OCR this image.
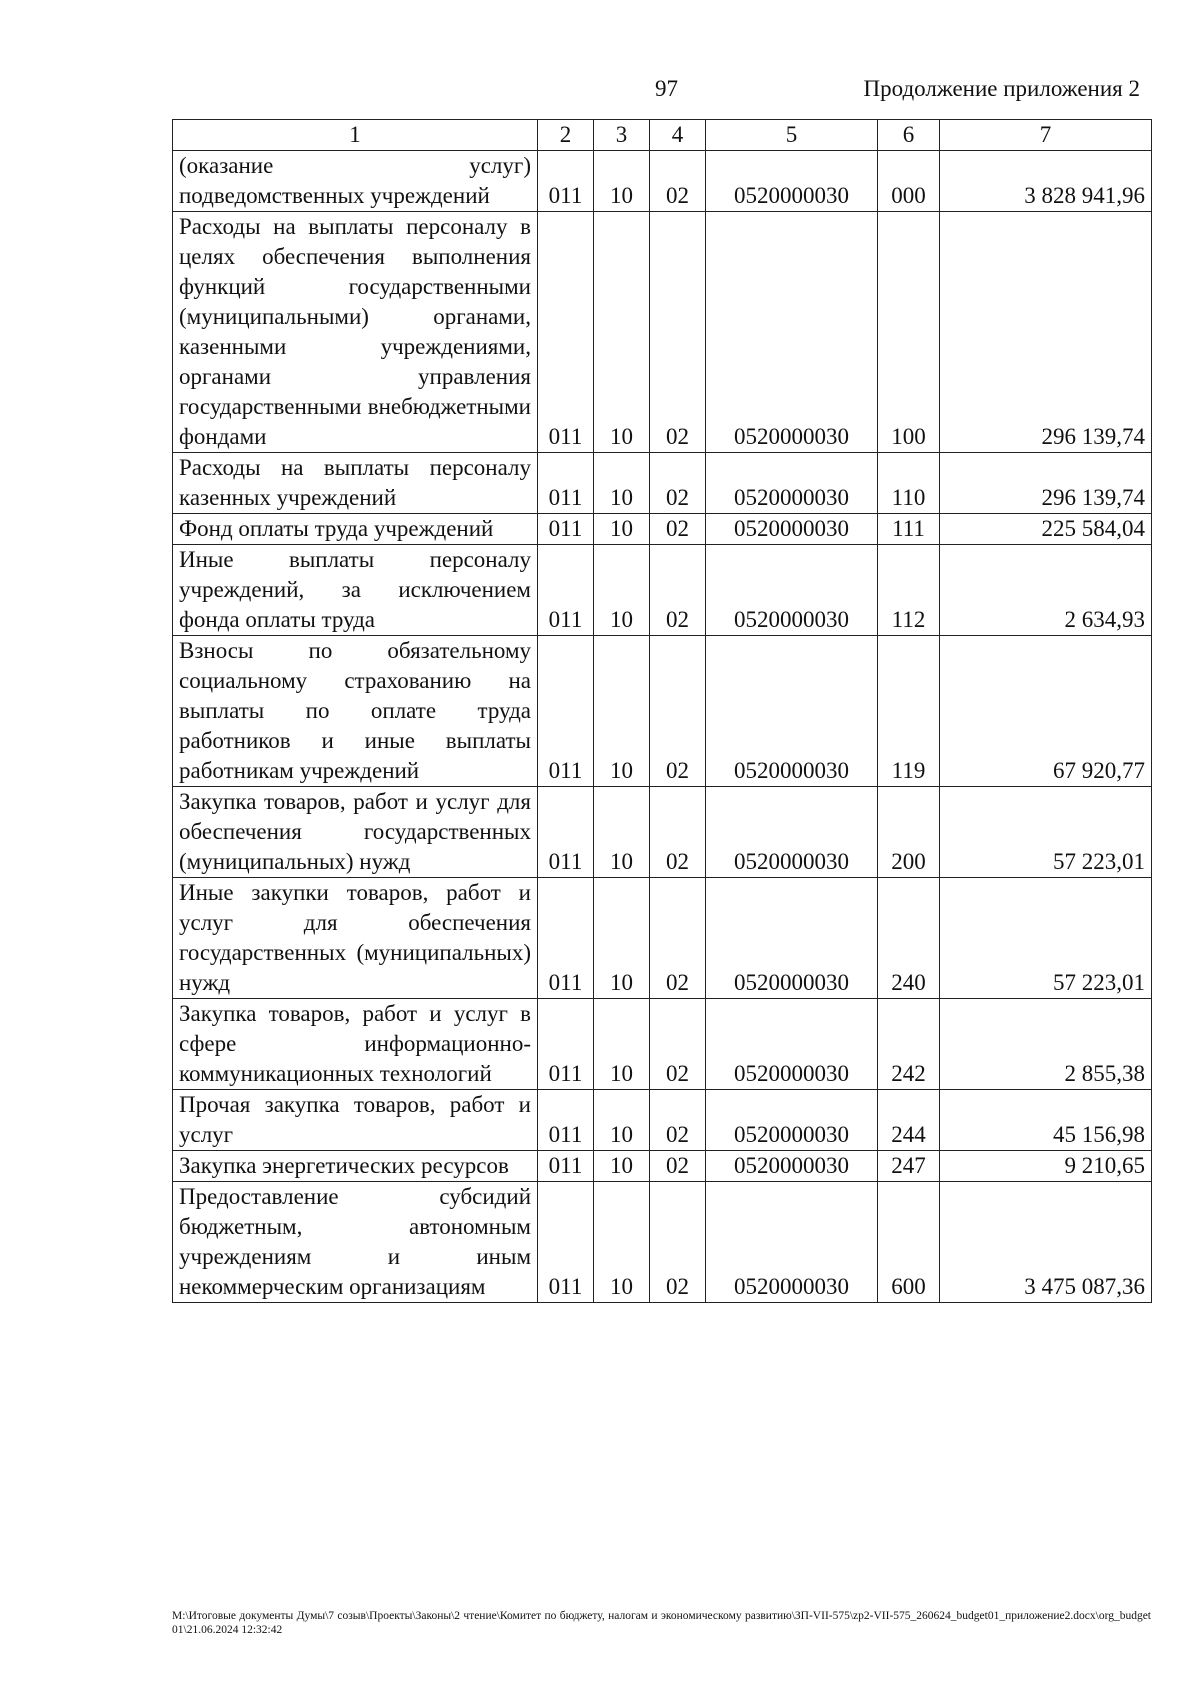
97	Продолжение приложения 2
1	2	3	4	5	6	7
(оказание услуг) подведомственных учреждений	011	10	02	0520000030	000	3 828 941,96
Расходы на выплаты персоналу в целях обеспечения выполнения функций государственными (муниципальными) органами, казенными учреждениями, органами управления государственными внебюджетными фондами	011	10	02	0520000030	100	296 139,74
Расходы на выплаты персоналу казенных учреждений	011	10	02	0520000030	110	296 139,74
Фонд оплаты труда учреждений	011	10	02	0520000030	111	225 584,04
Иные выплаты персоналу учреждений, за исключением фонда оплаты труда	011	10	02	0520000030	112	2 634,93
Взносы по обязательному социальному страхованию на выплаты по оплате труда работников и иные выплаты работникам учреждений	011	10	02	0520000030	119	67 920,77
Закупка товаров, работ и услуг для обеспечения государственных (муниципальных) нужд	011	10	02	0520000030	200	57 223,01
Иные закупки товаров, работ и услуг для обеспечения государственных (муниципальных) нужд	011	10	02	0520000030	240	57 223,01
Закупка товаров, работ и услуг в сфере информационно-коммуникационных технологий	011	10	02	0520000030	242	2 855,38
Прочая закупка товаров, работ и услуг	011	10	02	0520000030	244	45 156,98
Закупка энергетических ресурсов	011	10	02	0520000030	247	9 210,65
Предоставление субсидий бюджетным, автономным учреждениям и иным некоммерческим организациям	011	10	02	0520000030	600	3 475 087,36
M:\Итоговые документы Думы\7 созыв\Проекты\Законы\2 чтение\Комитет по бюджету, налогам и экономическому развитию\ЗП-VII-575\zp2-VII-575_260624_budget01_приложение2.docx\org_budget01\21.06.2024 12:32:42
